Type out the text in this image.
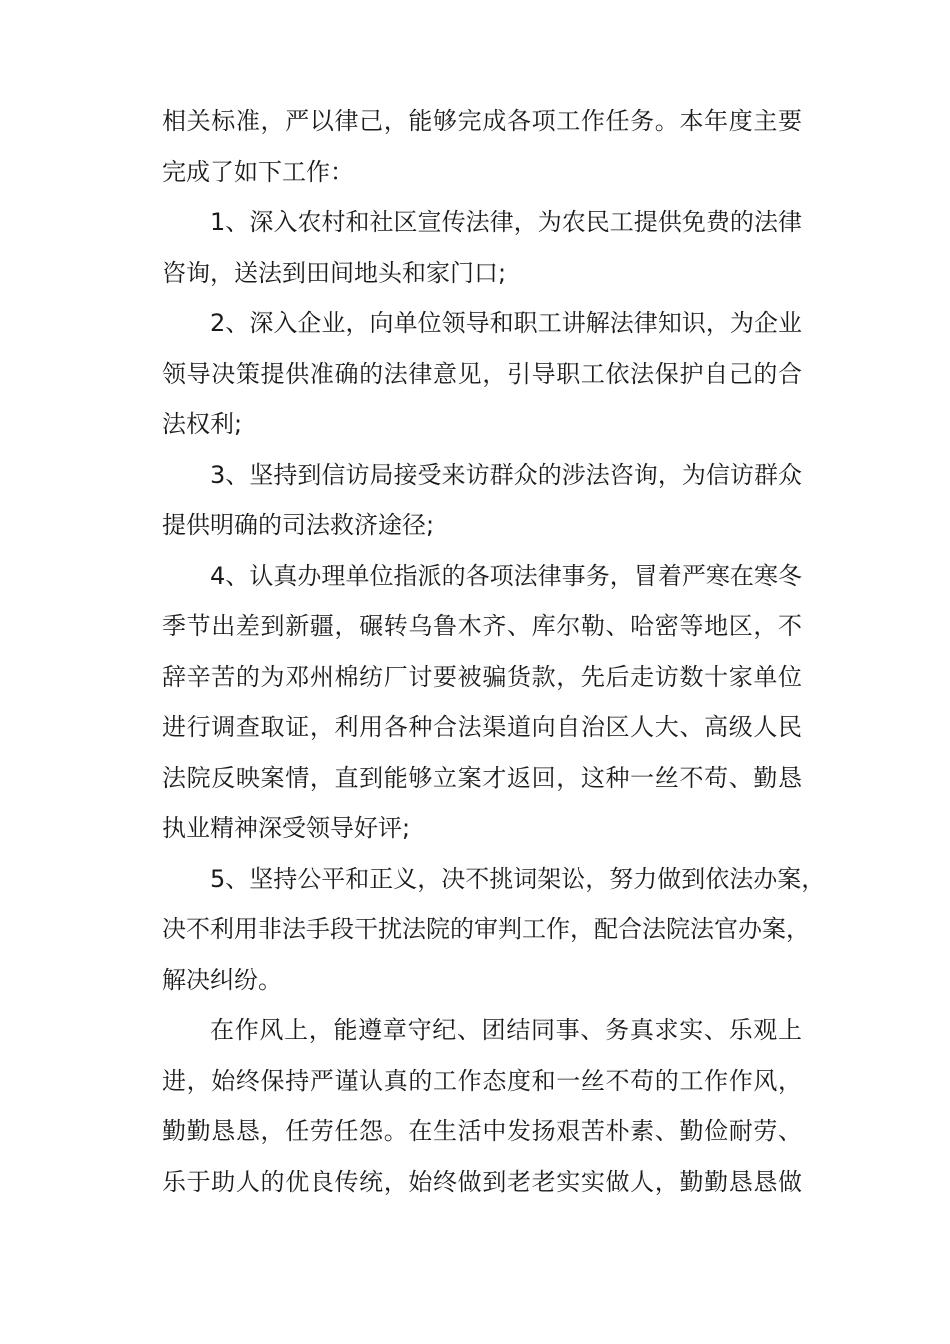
相关标准，严以律己，能够完成各项工作任务。本年度主要
完成了如下工作：
1、深入农村和社区宣传法律，为农民工提供免费的法律
咨询，送法到田间地头和家门口;
2、深入企业，向单位领导和职工讲解法律知识，为企业
领导决策提供准确的法律意见，引导职工依法保护自己的合
法权利;
3、坚持到信访局接受来访群众的涉法咨询，为信访群众
提供明确的司法救济途径;
4、认真办理单位指派的各项法律事务，冒着严寒在寒冬
季节出差到新疆，碾转乌鲁木齐、库尔勒、哈密等地区，不
辞辛苦的为邓州棉纺厂讨要被骗货款，先后走访数十家单位
进行调查取证，利用各种合法渠道向自治区人大、高级人民
法院反映案情，直到能够立案才返回，这种一丝不苟、勤恳
执业精神深受领导好评;
5、坚持公平和正义，决不挑词架讼，努力做到依法办案，
决不利用非法手段干扰法院的审判工作，配合法院法官办案，
解决纠纷。
在作风上，能遵章守纪、团结同事、务真求实、乐观上
进，始终保持严谨认真的工作态度和一丝不苟的工作作风，
勤勤恳恳，任劳任怨。在生活中发扬艰苦朴素、勤俭耐劳、
乐于助人的优良传统，始终做到老老实实做人，勤勤恳恳做
